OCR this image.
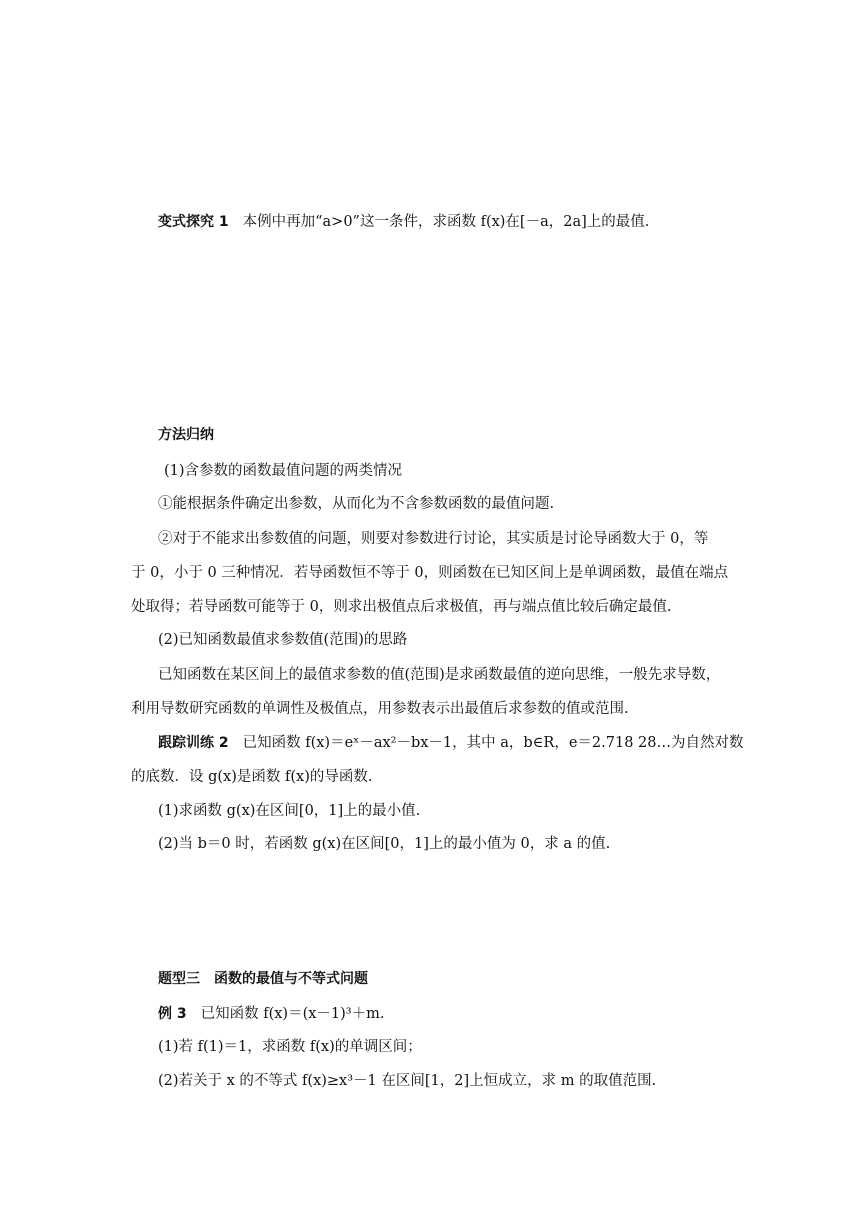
变式探究 1 本例中再加“a>0”这一条件，求函数 f(x)在[－a，2a]上的最值.
方法归纳
(1)含参数的函数最值问题的两类情况
①能根据条件确定出参数，从而化为不含参数函数的最值问题.
②对于不能求出参数值的问题，则要对参数进行讨论，其实质是讨论导函数大于 0，等
于 0，小于 0 三种情况．若导函数恒不等于 0，则函数在已知区间上是单调函数，最值在端点
处取得；若导函数可能等于 0，则求出极值点后求极值，再与端点值比较后确定最值.
(2)已知函数最值求参数值(范围)的思路
已知函数在某区间上的最值求参数的值(范围)是求函数最值的逆向思维，一般先求导数，
利用导数研究函数的单调性及极值点，用参数表示出最值后求参数的值或范围.
跟踪训练 2 已知函数 f(x)＝eˣ－ax²－bx－1，其中 a，b∈R，e＝2.718 28…为自然对数
的底数．设 g(x)是函数 f(x)的导函数.
(1)求函数 g(x)在区间[0，1]上的最小值.
(2)当 b＝0 时，若函数 g(x)在区间[0，1]上的最小值为 0，求 a 的值.
题型三　函数的最值与不等式问题
例 3 已知函数 f(x)＝(x－1)³＋m.
(1)若 f(1)＝1，求函数 f(x)的单调区间；
(2)若关于 x 的不等式 f(x)≥x³－1 在区间[1，2]上恒成立，求 m 的取值范围.
